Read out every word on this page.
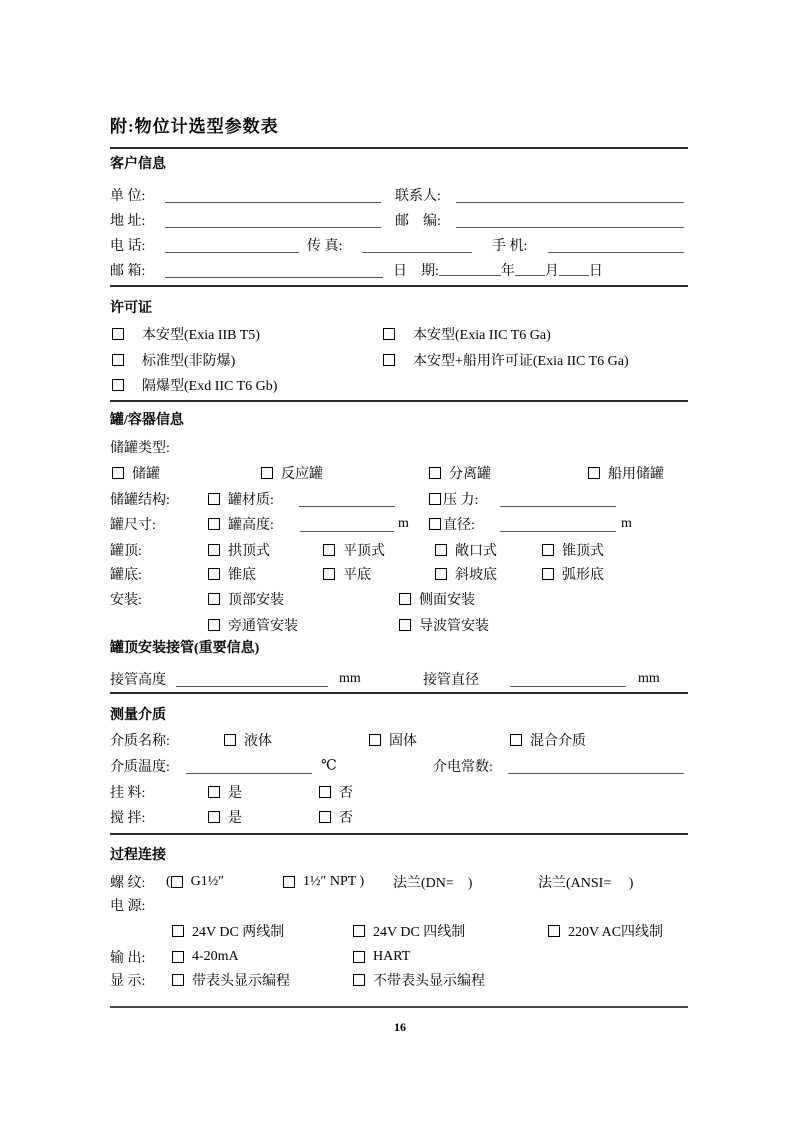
附:物位计选型参数表
客户信息
单 位:	联系人:
地 址:	邮　编:
电 话:	传 真:	手 机:
邮 箱:	日　期:	年 月 日
许可证
本安型(Exia IIB T5)	本安型(Exia IIC T6 Ga)
标准型(非防爆)	本安型+船用许可证(Exia IIC T6 Ga)
隔爆型(Exd IIC T6 Gb)
罐/容器信息
储罐类型:
储罐	反应罐	分离罐	船用储罐
储罐结构:	罐材质:	压 力:
罐尺寸:	罐高度:	m 直径:	m
罐顶:	拱顶式	平顶式	敞口式	锥顶式
罐底:	锥底	平底	斜坡底	弧形底
安装:	顶部安装	侧面安装
旁通管安装	导波管安装
罐顶安装接管(重要信息)
接管高度	mm	接管直径	mm
测量介质
介质名称:	液体	固体	混合介质
介质温度:	℃	介电常数:
挂 料:	是	否
搅 拌:	是	否
过程连接
螺 纹: ( G1½″	1½″ NPT ) 法兰(DN=    )	法兰(ANSI=     )
电 源:
24V DC 两线制	24V DC 四线制	220V AC四线制
输 出:	4-20mA	HART
显 示:	带表头显示编程	不带表头显示编程
16
